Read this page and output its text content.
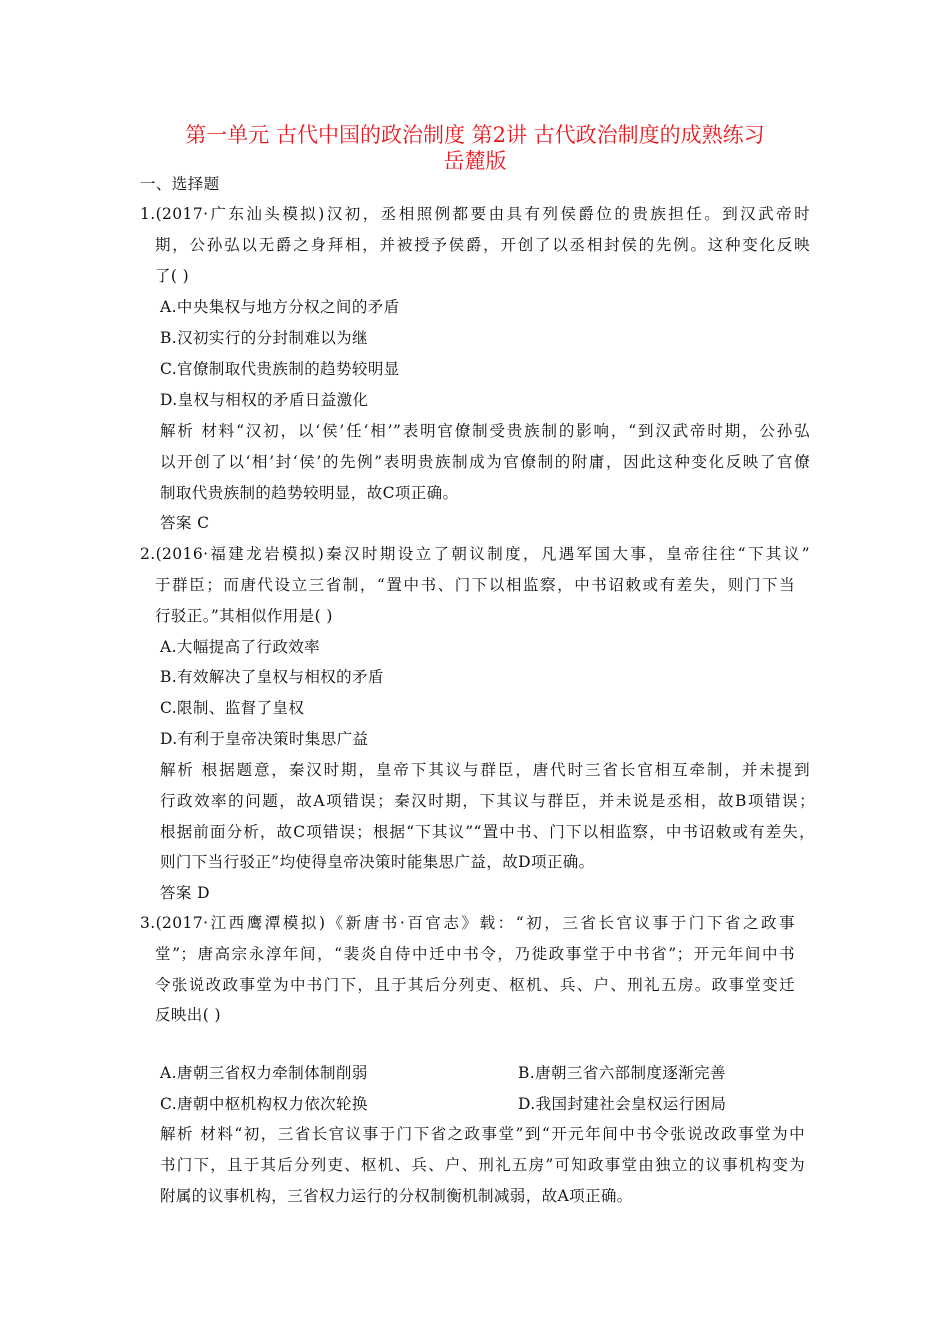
第一单元 古代中国的政治制度 第2讲 古代政治制度的成熟练习
岳麓版
一、选择题
1.(2017·广东汕头模拟)汉初，丞相照例都要由具有列侯爵位的贵族担任。到汉武帝时
期，公孙弘以无爵之身拜相，并被授予侯爵，开创了以丞相封侯的先例。这种变化反映
了( )
A.中央集权与地方分权之间的矛盾
B.汉初实行的分封制难以为继
C.官僚制取代贵族制的趋势较明显
D.皇权与相权的矛盾日益激化
解析 材料“汉初，以‘侯’任‘相’”表明官僚制受贵族制的影响，“到汉武帝时期，公孙弘
以开创了以‘相’封‘侯’的先例”表明贵族制成为官僚制的附庸，因此这种变化反映了官僚
制取代贵族制的趋势较明显，故C项正确。
答案 C
2.(2016·福建龙岩模拟)秦汉时期设立了朝议制度，凡遇军国大事，皇帝往往“下其议”
于群臣；而唐代设立三省制，“置中书、门下以相监察，中书诏敕或有差失，则门下当
行驳正。”其相似作用是( )
A.大幅提高了行政效率
B.有效解决了皇权与相权的矛盾
C.限制、监督了皇权
D.有利于皇帝决策时集思广益
解析 根据题意，秦汉时期，皇帝下其议与群臣，唐代时三省长官相互牵制，并未提到
行政效率的问题，故A项错误；秦汉时期，下其议与群臣，并未说是丞相，故B项错误；
根据前面分析，故C项错误；根据“下其议”“置中书、门下以相监察，中书诏敕或有差失，
则门下当行驳正”均使得皇帝决策时能集思广益，故D项正确。
答案 D
3.(2017·江西鹰潭模拟)《新唐书·百官志》载：“初，三省长官议事于门下省之政事
堂”；唐高宗永淳年间，“裴炎自侍中迁中书令，乃徙政事堂于中书省”；开元年间中书
令张说改政事堂为中书门下，且于其后分列吏、枢机、兵、户、刑礼五房。政事堂变迁
反映出( )
A.唐朝三省权力牵制体制削弱	B.唐朝三省六部制度逐渐完善
C.唐朝中枢机构权力依次轮换	D.我国封建社会皇权运行困局
解析 材料“初，三省长官议事于门下省之政事堂”到“开元年间中书令张说改政事堂为中
书门下，且于其后分列吏、枢机、兵、户、刑礼五房”可知政事堂由独立的议事机构变为
附属的议事机构，三省权力运行的分权制衡机制减弱，故A项正确。
